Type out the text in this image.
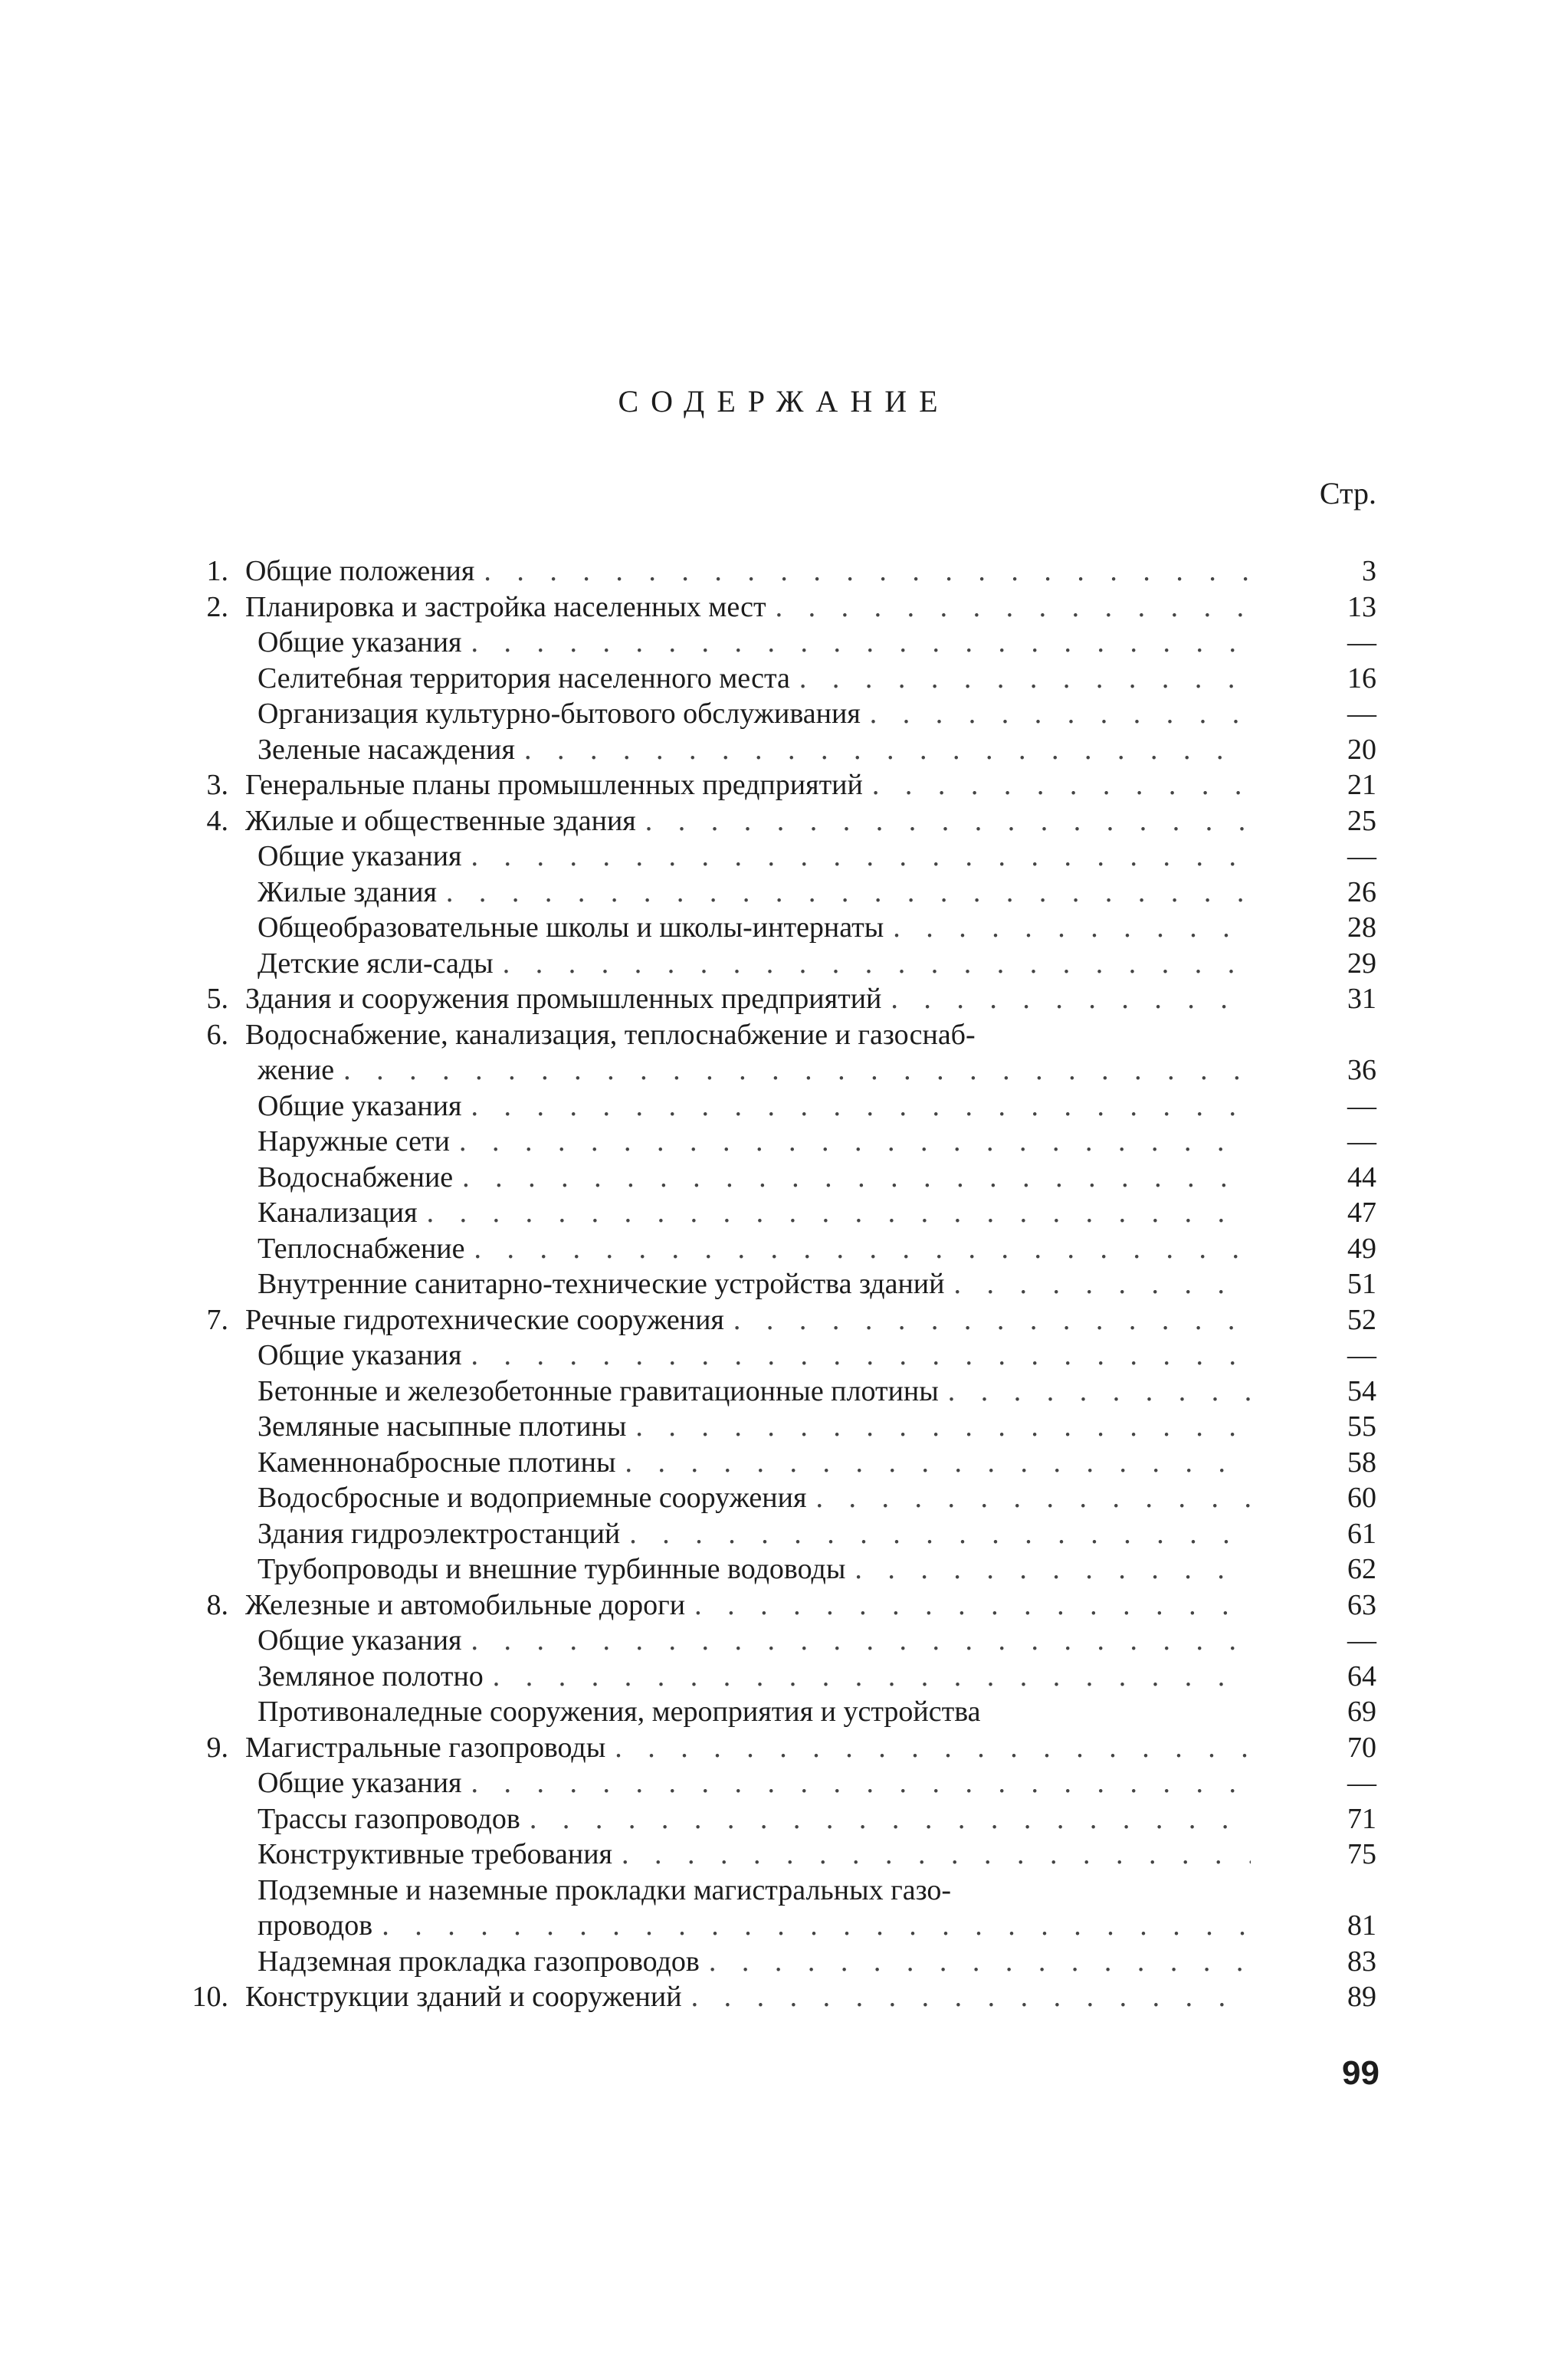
СОДЕРЖАНИЕ
Стр.
1. Общие положения . . .	3
2. Планировка и застройка населенных мест . . .	13
Общие указания . . .	—
Селитебная территория населенного места . . .	16
Организация культурно-бытового обслуживания . . .	—
Зеленые насаждения . . .	20
3. Генеральные планы промышленных предприятий . . .	21
4. Жилые и общественные здания . . .	25
Общие указания . . .	—
Жилые здания . . .	26
Общеобразовательные школы и школы-интернаты . . .	28
Детские ясли-сады . . .	29
5. Здания и сооружения промышленных предприятий . . .	31
6. Водоснабжение, канализация, теплоснабжение и газоснаб-
жение . . .	36
Общие указания . . .	—
Наружные сети . . .	—
Водоснабжение . . .	44
Канализация . . .	47
Теплоснабжение . . .	49
Внутренние санитарно-технические устройства зданий . . .	51
7. Речные гидротехнические сооружения . . .	52
Общие указания . . .	—
Бетонные и железобетонные гравитационные плотины . . .	54
Земляные насыпные плотины . . .	55
Каменнонабросные плотины . . .	58
Водосбросные и водоприемные сооружения . . .	60
Здания гидроэлектростанций . . .	61
Трубопроводы и внешние турбинные водоводы . . .	62
8. Железные и автомобильные дороги . . .	63
Общие указания . . .	—
Земляное полотно . . .	64
Противоналедные сооружения, мероприятия и устройства	69
9. Магистральные газопроводы . . .	70
Общие указания . . .	—
Трассы газопроводов . . .	71
Конструктивные требования . . .	75
Подземные и наземные прокладки магистральных газо-
проводов . . .	81
Надземная прокладка газопроводов . . .	83
10. Конструкции зданий и сооружений . . .	89
99
